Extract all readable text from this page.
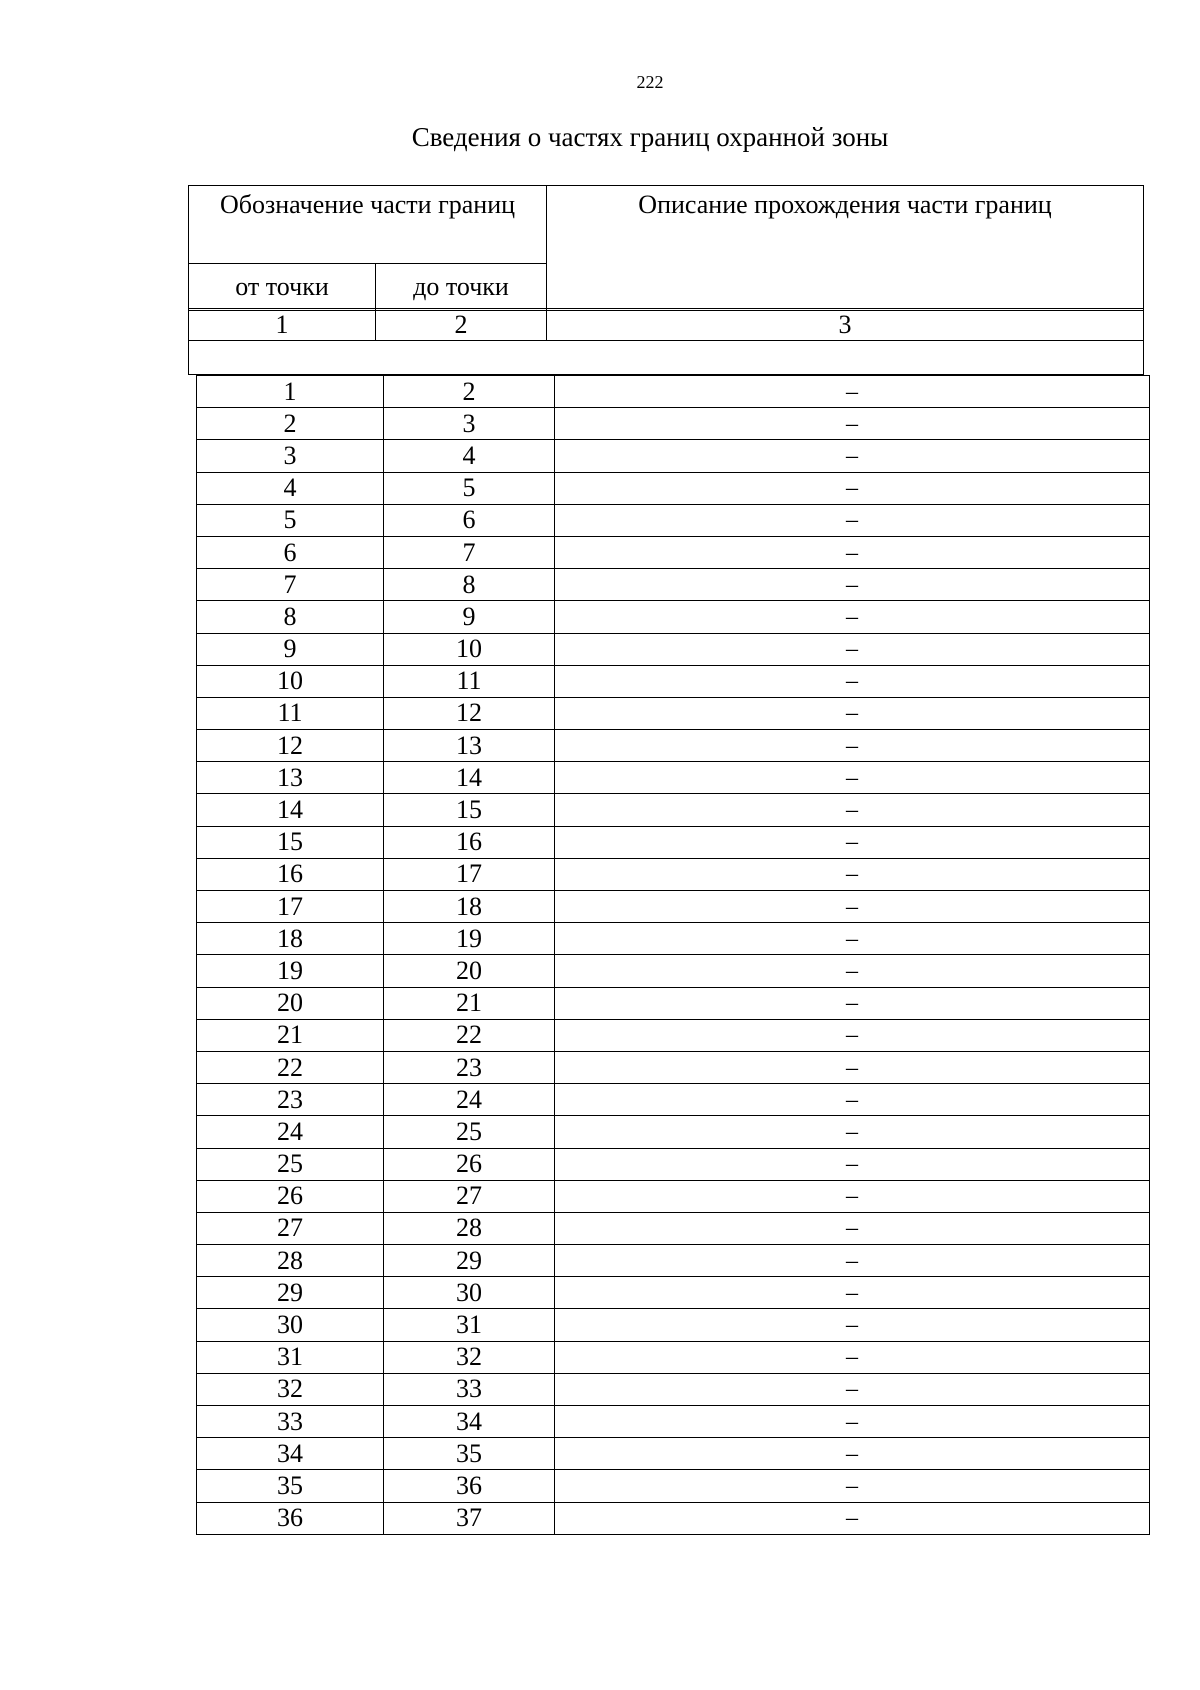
222
Сведения о частях границ охранной зоны
Обозначение части границ		Описание прохождения части границ
от точки	до точки	
1	2	3

1	2	–
2	3	–
3	4	–
4	5	–
5	6	–
6	7	–
7	8	–
8	9	–
9	10	–
10	11	–
11	12	–
12	13	–
13	14	–
14	15	–
15	16	–
16	17	–
17	18	–
18	19	–
19	20	–
20	21	–
21	22	–
22	23	–
23	24	–
24	25	–
25	26	–
26	27	–
27	28	–
28	29	–
29	30	–
30	31	–
31	32	–
32	33	–
33	34	–
34	35	–
35	36	–
36	37	–
